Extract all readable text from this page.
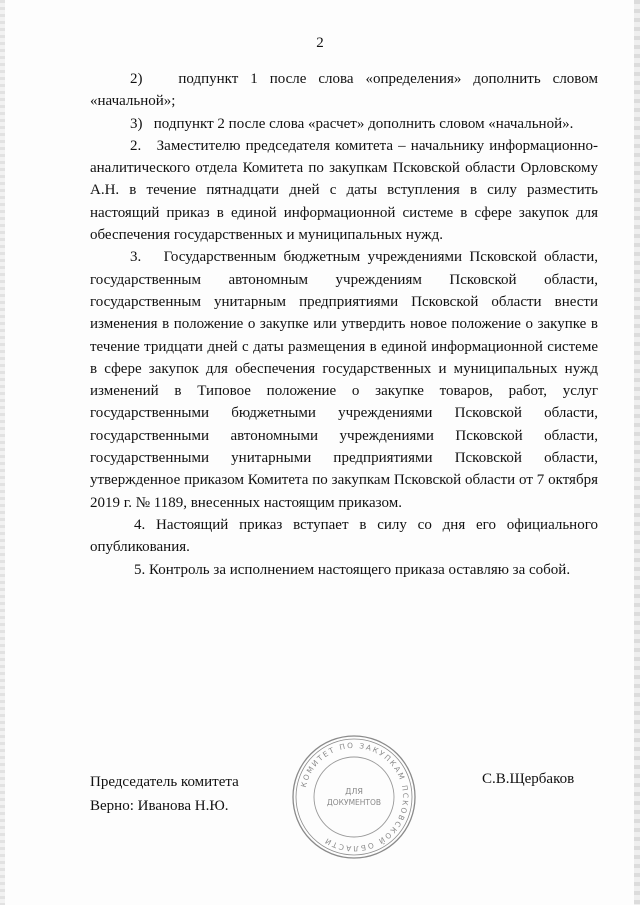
2

2)   подпункт 1 после слова «определения» дополнить словом «начальной»;

3)   подпункт 2 после слова «расчет» дополнить словом «начальной».

2.   Заместителю председателя комитета – начальнику информационно-аналитического отдела Комитета по закупкам Псковской области Орловскому А.Н. в течение пятнадцати дней с даты вступления в силу разместить настоящий приказ в единой информационной системе в сфере закупок для обеспечения государственных и муниципальных нужд.

3.   Государственным бюджетным учреждениями Псковской области, государственным автономным учреждениям Псковской области, государственным унитарным предприятиями Псковской области внести изменения в положение о закупке или утвердить новое положение о закупке в течение тридцати дней с даты размещения в единой информационной системе в сфере закупок для обеспечения государственных и муниципальных нужд изменений в Типовое положение о закупке товаров, работ, услуг государственными бюджетными учреждениями Псковской области, государственными автономными учреждениями Псковской области, государственными унитарными предприятиями Псковской области, утвержденное приказом Комитета по закупкам Псковской области от 7 октября 2019 г. № 1189, внесенных настоящим приказом.

4. Настоящий приказ вступает в силу со дня его официального опубликования.

5. Контроль за исполнением настоящего приказа оставляю за собой.

Председатель комитета
Верно: Иванова Н.Ю.
КОМИТЕТ ПО ЗАКУПКАМ ПСКОВСКОЙ ОБЛАСТИ
ДЛЯ
ДОКУМЕНТОВ
С.В.Щербаков
